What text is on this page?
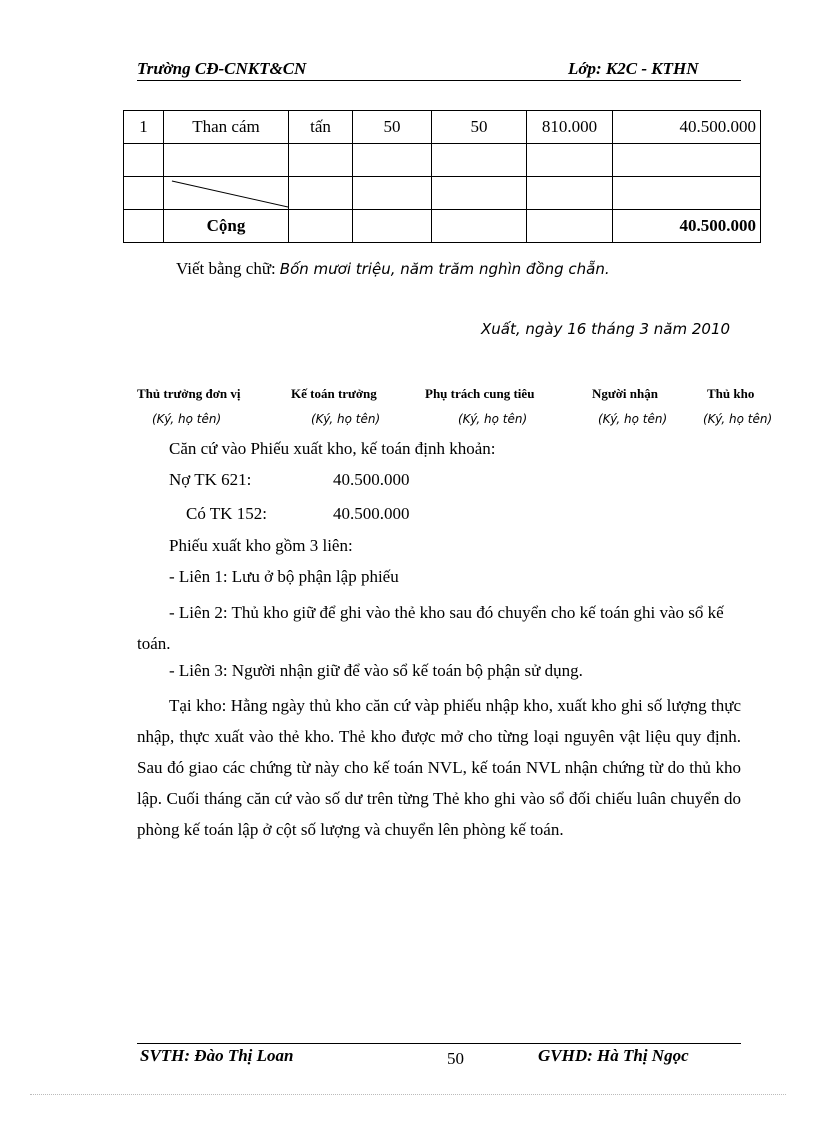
Trường CĐ-CNKT&CN	Lớp: K2C - KTHN
1	Than cám	tấn	50	50	810.000	40.500.000

	Cộng					40.500.000
Viết bằng chữ: Bốn mươi triệu, năm trăm nghìn đồng chẵn.
Xuất, ngày 16 tháng 3 năm 2010
Thủ trưởng đơn vị	Kế toán trưởng	Phụ trách cung tiêu	Người nhận	Thủ kho
(Ký, họ tên)	(Ký, họ tên)	(Ký, họ tên)	(Ký, họ tên)	(Ký, họ tên)
Căn cứ vào Phiếu xuất kho, kế toán định khoản:
Nợ TK 621:	40.500.000
Có TK 152:	40.500.000
Phiếu xuất kho gồm 3 liên:
- Liên 1: Lưu ở bộ phận lập phiếu

- Liên 2: Thủ kho giữ để ghi vào thẻ kho sau đó chuyển cho kế toán ghi vào sổ kế toán.

- Liên 3: Người nhận giữ để vào sổ kế toán bộ phận sử dụng.

Tại kho: Hằng ngày thủ kho căn cứ vàp phiếu nhập kho, xuất kho ghi số lượng thực nhập, thực xuất vào thẻ kho. Thẻ kho được mở cho từng loại nguyên vật liệu quy định. Sau đó giao các chứng từ này cho kế toán NVL, kế toán NVL nhận chứng từ do thủ kho lập. Cuối tháng căn cứ vào số dư trên từng Thẻ kho ghi vào sổ đối chiếu luân chuyển do phòng kế toán lập ở cột số lượng và chuyển lên phòng kế toán.

SVTH: Đào Thị Loan	50	GVHD: Hà Thị Ngọc
